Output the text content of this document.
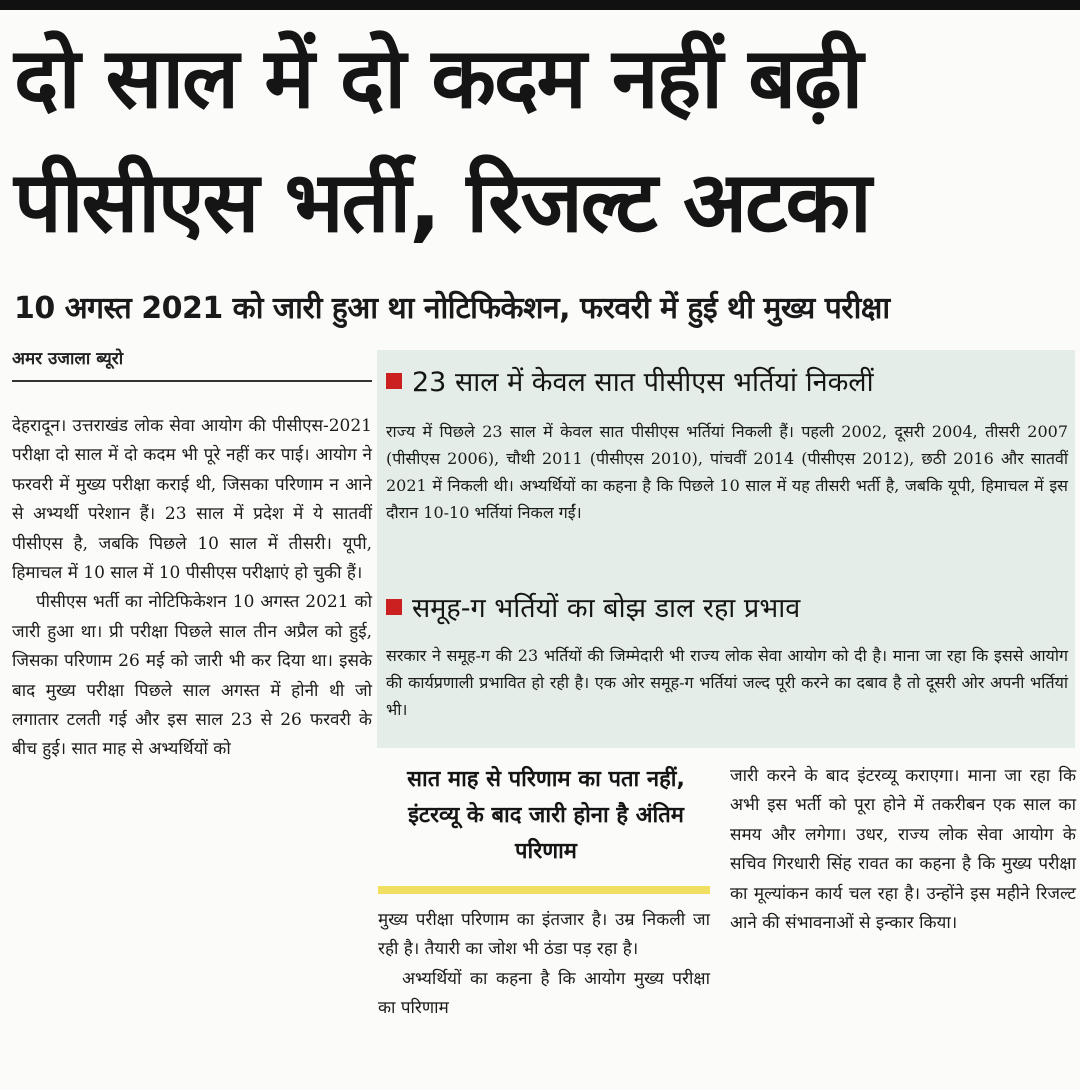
दो साल में दो कदम नहीं बढ़ी
पीसीएस भर्ती, रिजल्ट अटका
10 अगस्त 2021 को जारी हुआ था नोटिफिकेशन, फरवरी में हुई थी मुख्य परीक्षा
अमर उजाला ब्यूरो

देहरादून। उत्तराखंड लोक सेवा आयोग की पीसीएस-2021 परीक्षा दो साल में दो कदम भी पूरे नहीं कर पाई। आयोग ने फरवरी में मुख्य परीक्षा कराई थी, जिसका परिणाम न आने से अभ्यर्थी परेशान हैं। 23 साल में प्रदेश में ये सातवीं पीसीएस है, जबकि पिछले 10 साल में तीसरी। यूपी, हिमाचल में 10 साल में 10 पीसीएस परीक्षाएं हो चुकी हैं।

पीसीएस भर्ती का नोटिफिकेशन 10 अगस्त 2021 को जारी हुआ था। प्री परीक्षा पिछले साल तीन अप्रैल को हुई, जिसका परिणाम 26 मई को जारी भी कर दिया था। इसके बाद मुख्य परीक्षा पिछले साल अगस्त में होनी थी जो लगातार टलती गई और इस साल 23 से 26 फरवरी के बीच हुई। सात माह से अभ्यर्थियों को

23 साल में केवल सात पीसीएस भर्तियां निकलीं
राज्य में पिछले 23 साल में केवल सात पीसीएस भर्तियां निकली हैं। पहली 2002, दूसरी 2004, तीसरी 2007 (पीसीएस 2006), चौथी 2011 (पीसीएस 2010), पांचवीं 2014 (पीसीएस 2012), छठी 2016 और सातवीं 2021 में निकली थी। अभ्यर्थियों का कहना है कि पिछले 10 साल में यह तीसरी भर्ती है, जबकि यूपी, हिमाचल में इस दौरान 10-10 भर्तियां निकल गईं।
समूह-ग भर्तियों का बोझ डाल रहा प्रभाव
सरकार ने समूह-ग की 23 भर्तियों की जिम्मेदारी भी राज्य लोक सेवा आयोग को दी है। माना जा रहा कि इससे आयोग की कार्यप्रणाली प्रभावित हो रही है। एक ओर समूह-ग भर्तियां जल्द पूरी करने का दबाव है तो दूसरी ओर अपनी भर्तियां भी।
सात माह से परिणाम का पता नहीं, इंटरव्यू के बाद जारी होना है अंतिम परिणाम

मुख्य परीक्षा परिणाम का इंतजार है। उम्र निकली जा रही है। तैयारी का जोश भी ठंडा पड़ रहा है।

अभ्यर्थियों का कहना है कि आयोग मुख्य परीक्षा का परिणाम

जारी करने के बाद इंटरव्यू कराएगा। माना जा रहा कि अभी इस भर्ती को पूरा होने में तकरीबन एक साल का समय और लगेगा। उधर, राज्य लोक सेवा आयोग के सचिव गिरधारी सिंह रावत का कहना है कि मुख्य परीक्षा का मूल्यांकन कार्य चल रहा है। उन्होंने इस महीने रिजल्ट आने की संभावनाओं से इन्कार किया।
